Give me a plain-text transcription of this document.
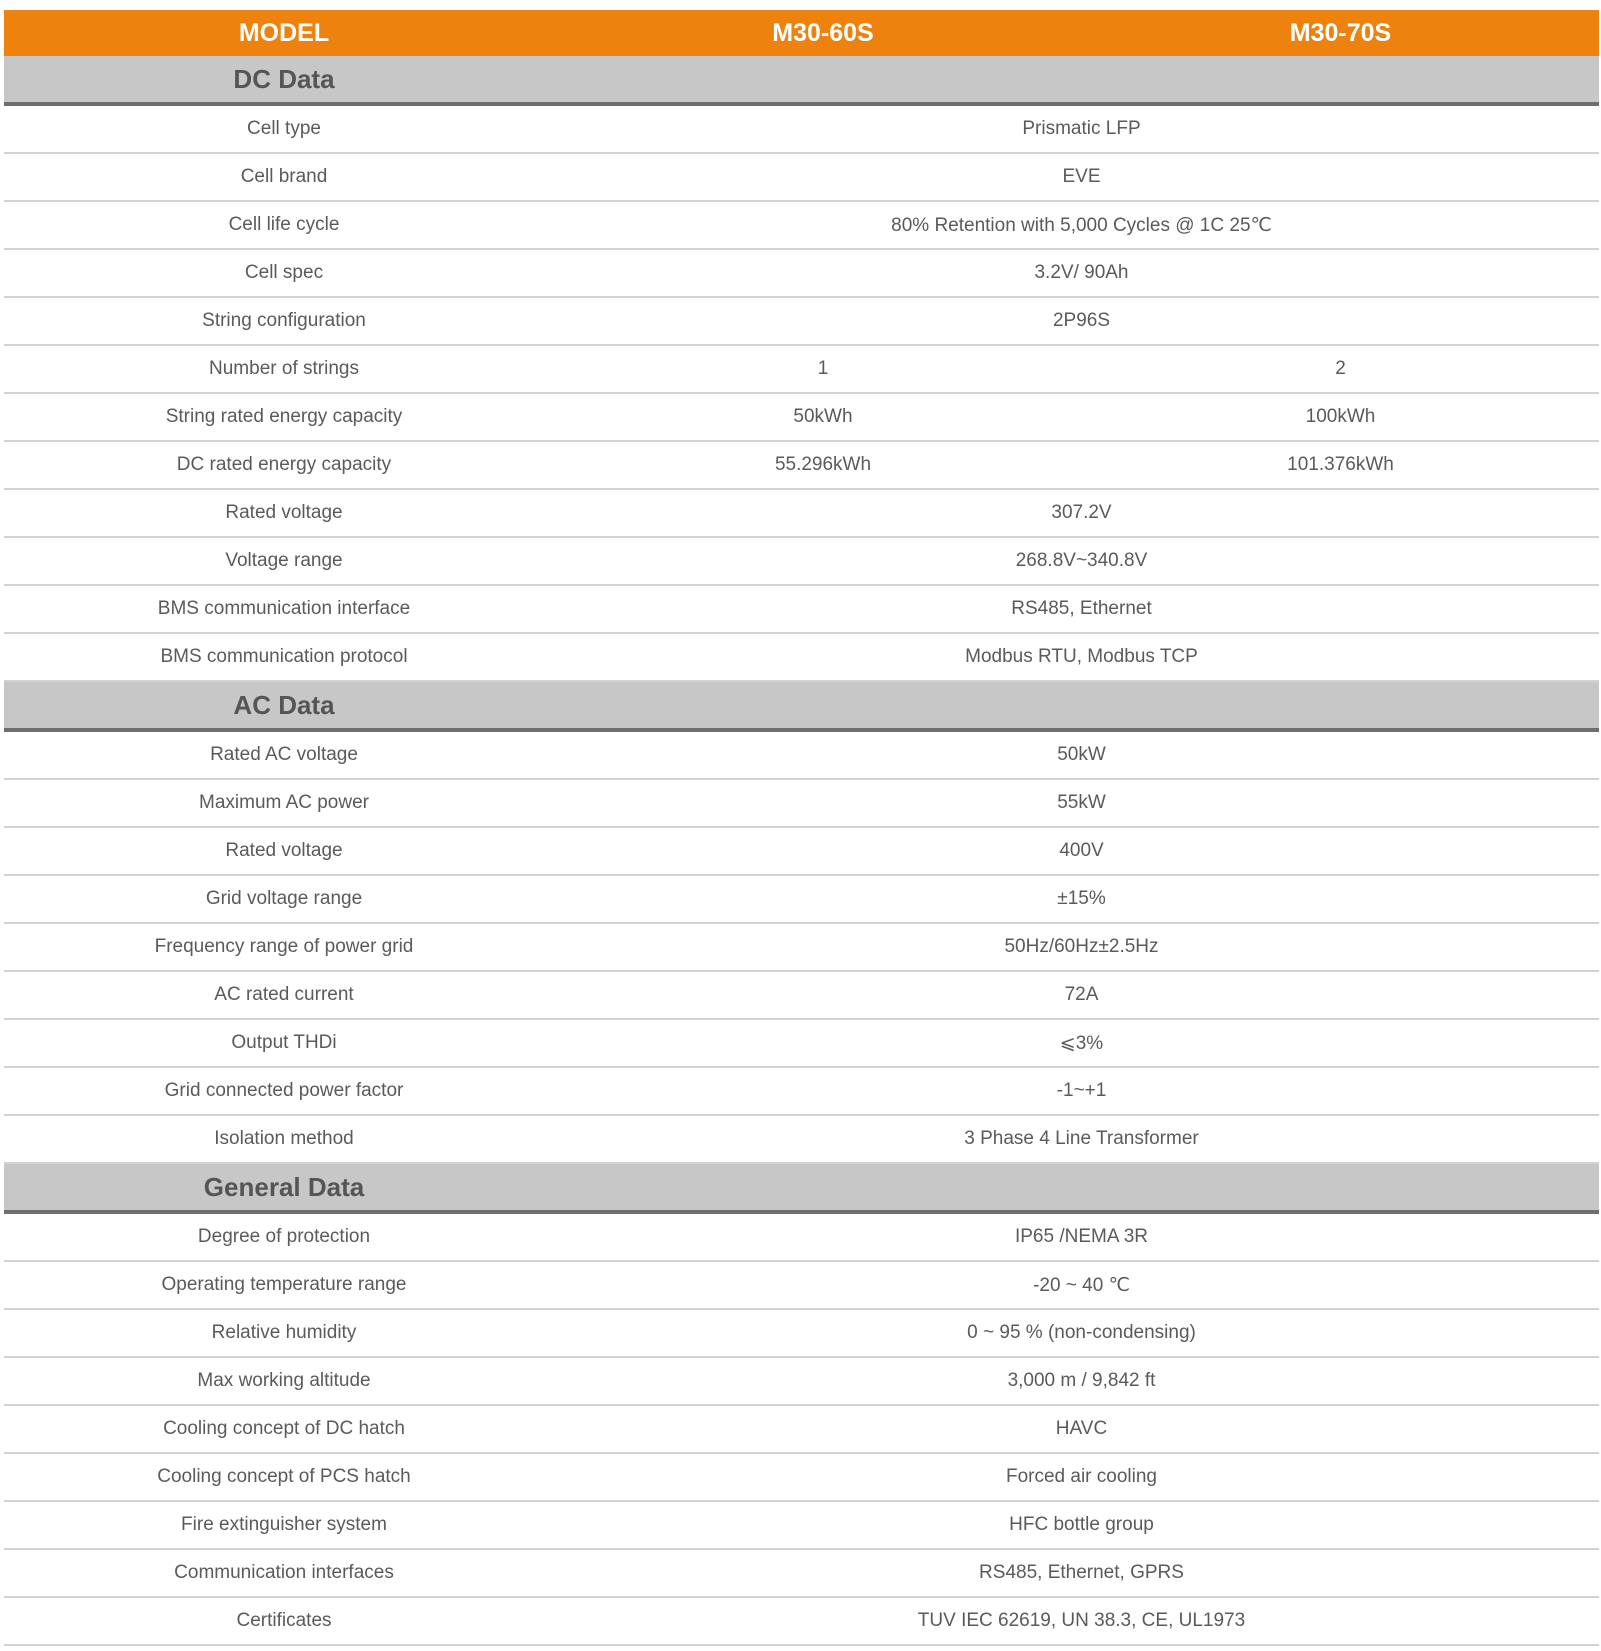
MODEL	M30-60S	M30-70S
DC Data
Cell type	Prismatic LFP
Cell brand	EVE
Cell life cycle	80% Retention with 5,000 Cycles @ 1C 25℃
Cell spec	3.2V/ 90Ah
String configuration	2P96S
Number of strings	1	2
String rated energy capacity	50kWh	100kWh
DC rated energy capacity	55.296kWh	101.376kWh
Rated voltage	307.2V
Voltage range	268.8V~340.8V
BMS communication interface	RS485, Ethernet
BMS communication protocol	Modbus RTU, Modbus TCP
AC Data
Rated AC voltage	50kW
Maximum AC power	55kW
Rated voltage	400V
Grid voltage range	±15%
Frequency range of power grid	50Hz/60Hz±2.5Hz
AC rated current	72A
Output THDi	⩽3%
Grid connected power factor	-1~+1
Isolation method	3 Phase 4 Line Transformer
General Data
Degree of protection	IP65 /NEMA 3R
Operating temperature range	-20 ~ 40 ℃
Relative humidity	0 ~ 95 % (non-condensing)
Max working altitude	3,000 m / 9,842 ft
Cooling concept of DC hatch	HAVC
Cooling concept of PCS hatch	Forced air cooling
Fire extinguisher system	HFC bottle group
Communication interfaces	RS485, Ethernet, GPRS
Certificates	TUV IEC 62619, UN 38.3, CE, UL1973
